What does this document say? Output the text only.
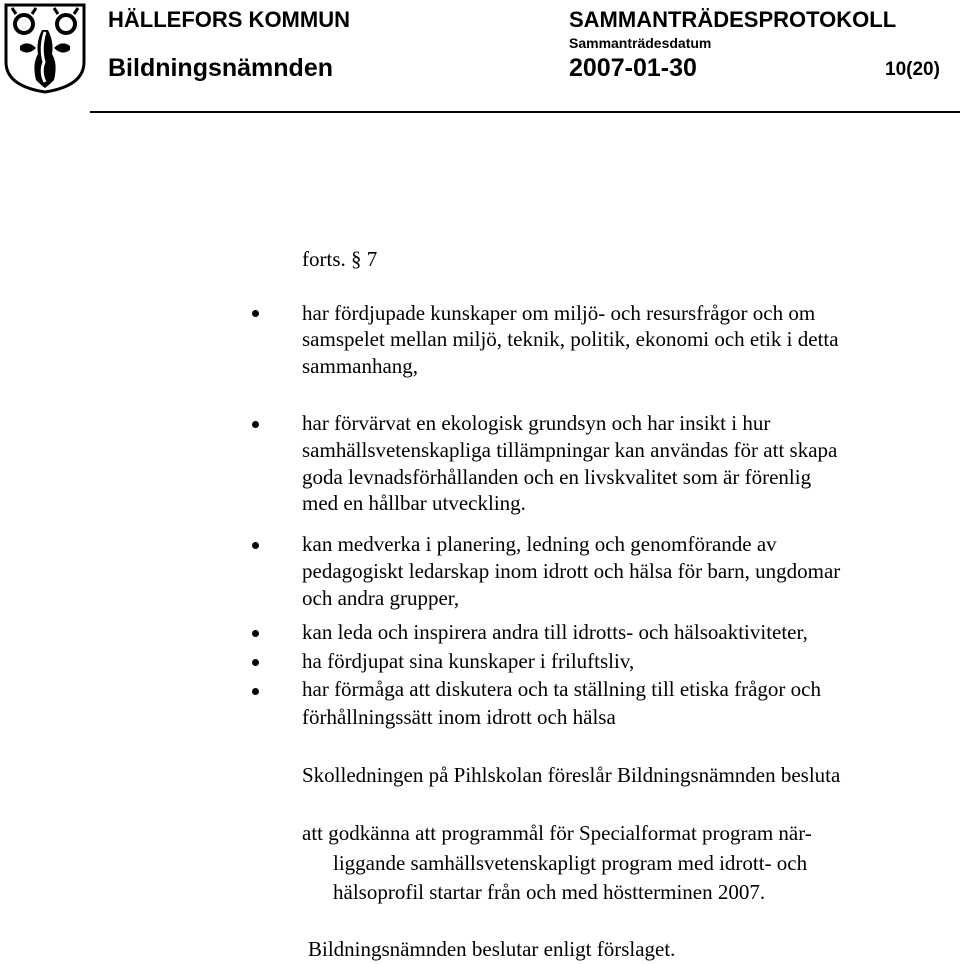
HÄLLEFORS KOMMUN	SAMMANTRÄDESPROTOKOLL
Sammanträdesdatum
Bildningsnämnden	2007-01-30	10(20)
forts. § 7
har fördjupade kunskaper om miljö- och resursfrågor och om
samspelet mellan miljö, teknik, politik, ekonomi och etik i detta
sammanhang,
har förvärvat en ekologisk grundsyn och har insikt i hur
samhällsvetenskapliga tillämpningar kan användas för att skapa
goda levnadsförhållanden och en livskvalitet som är förenlig
med en hållbar utveckling.
kan medverka i planering, ledning och genomförande av
pedagogiskt ledarskap inom idrott och hälsa för barn, ungdomar
och andra grupper,
kan leda och inspirera andra till idrotts- och hälsoaktiviteter,
ha fördjupat sina kunskaper i friluftsliv,
har förmåga att diskutera och ta ställning till etiska frågor och
förhållningssätt inom idrott och hälsa
Skolledningen på Pihlskolan föreslår Bildningsnämnden besluta
att godkänna att programmål för Specialformat program när-
liggande samhällsvetenskapligt program med idrott- och
hälsoprofil startar från och med höstterminen 2007.
Bildningsnämnden beslutar enligt förslaget.
